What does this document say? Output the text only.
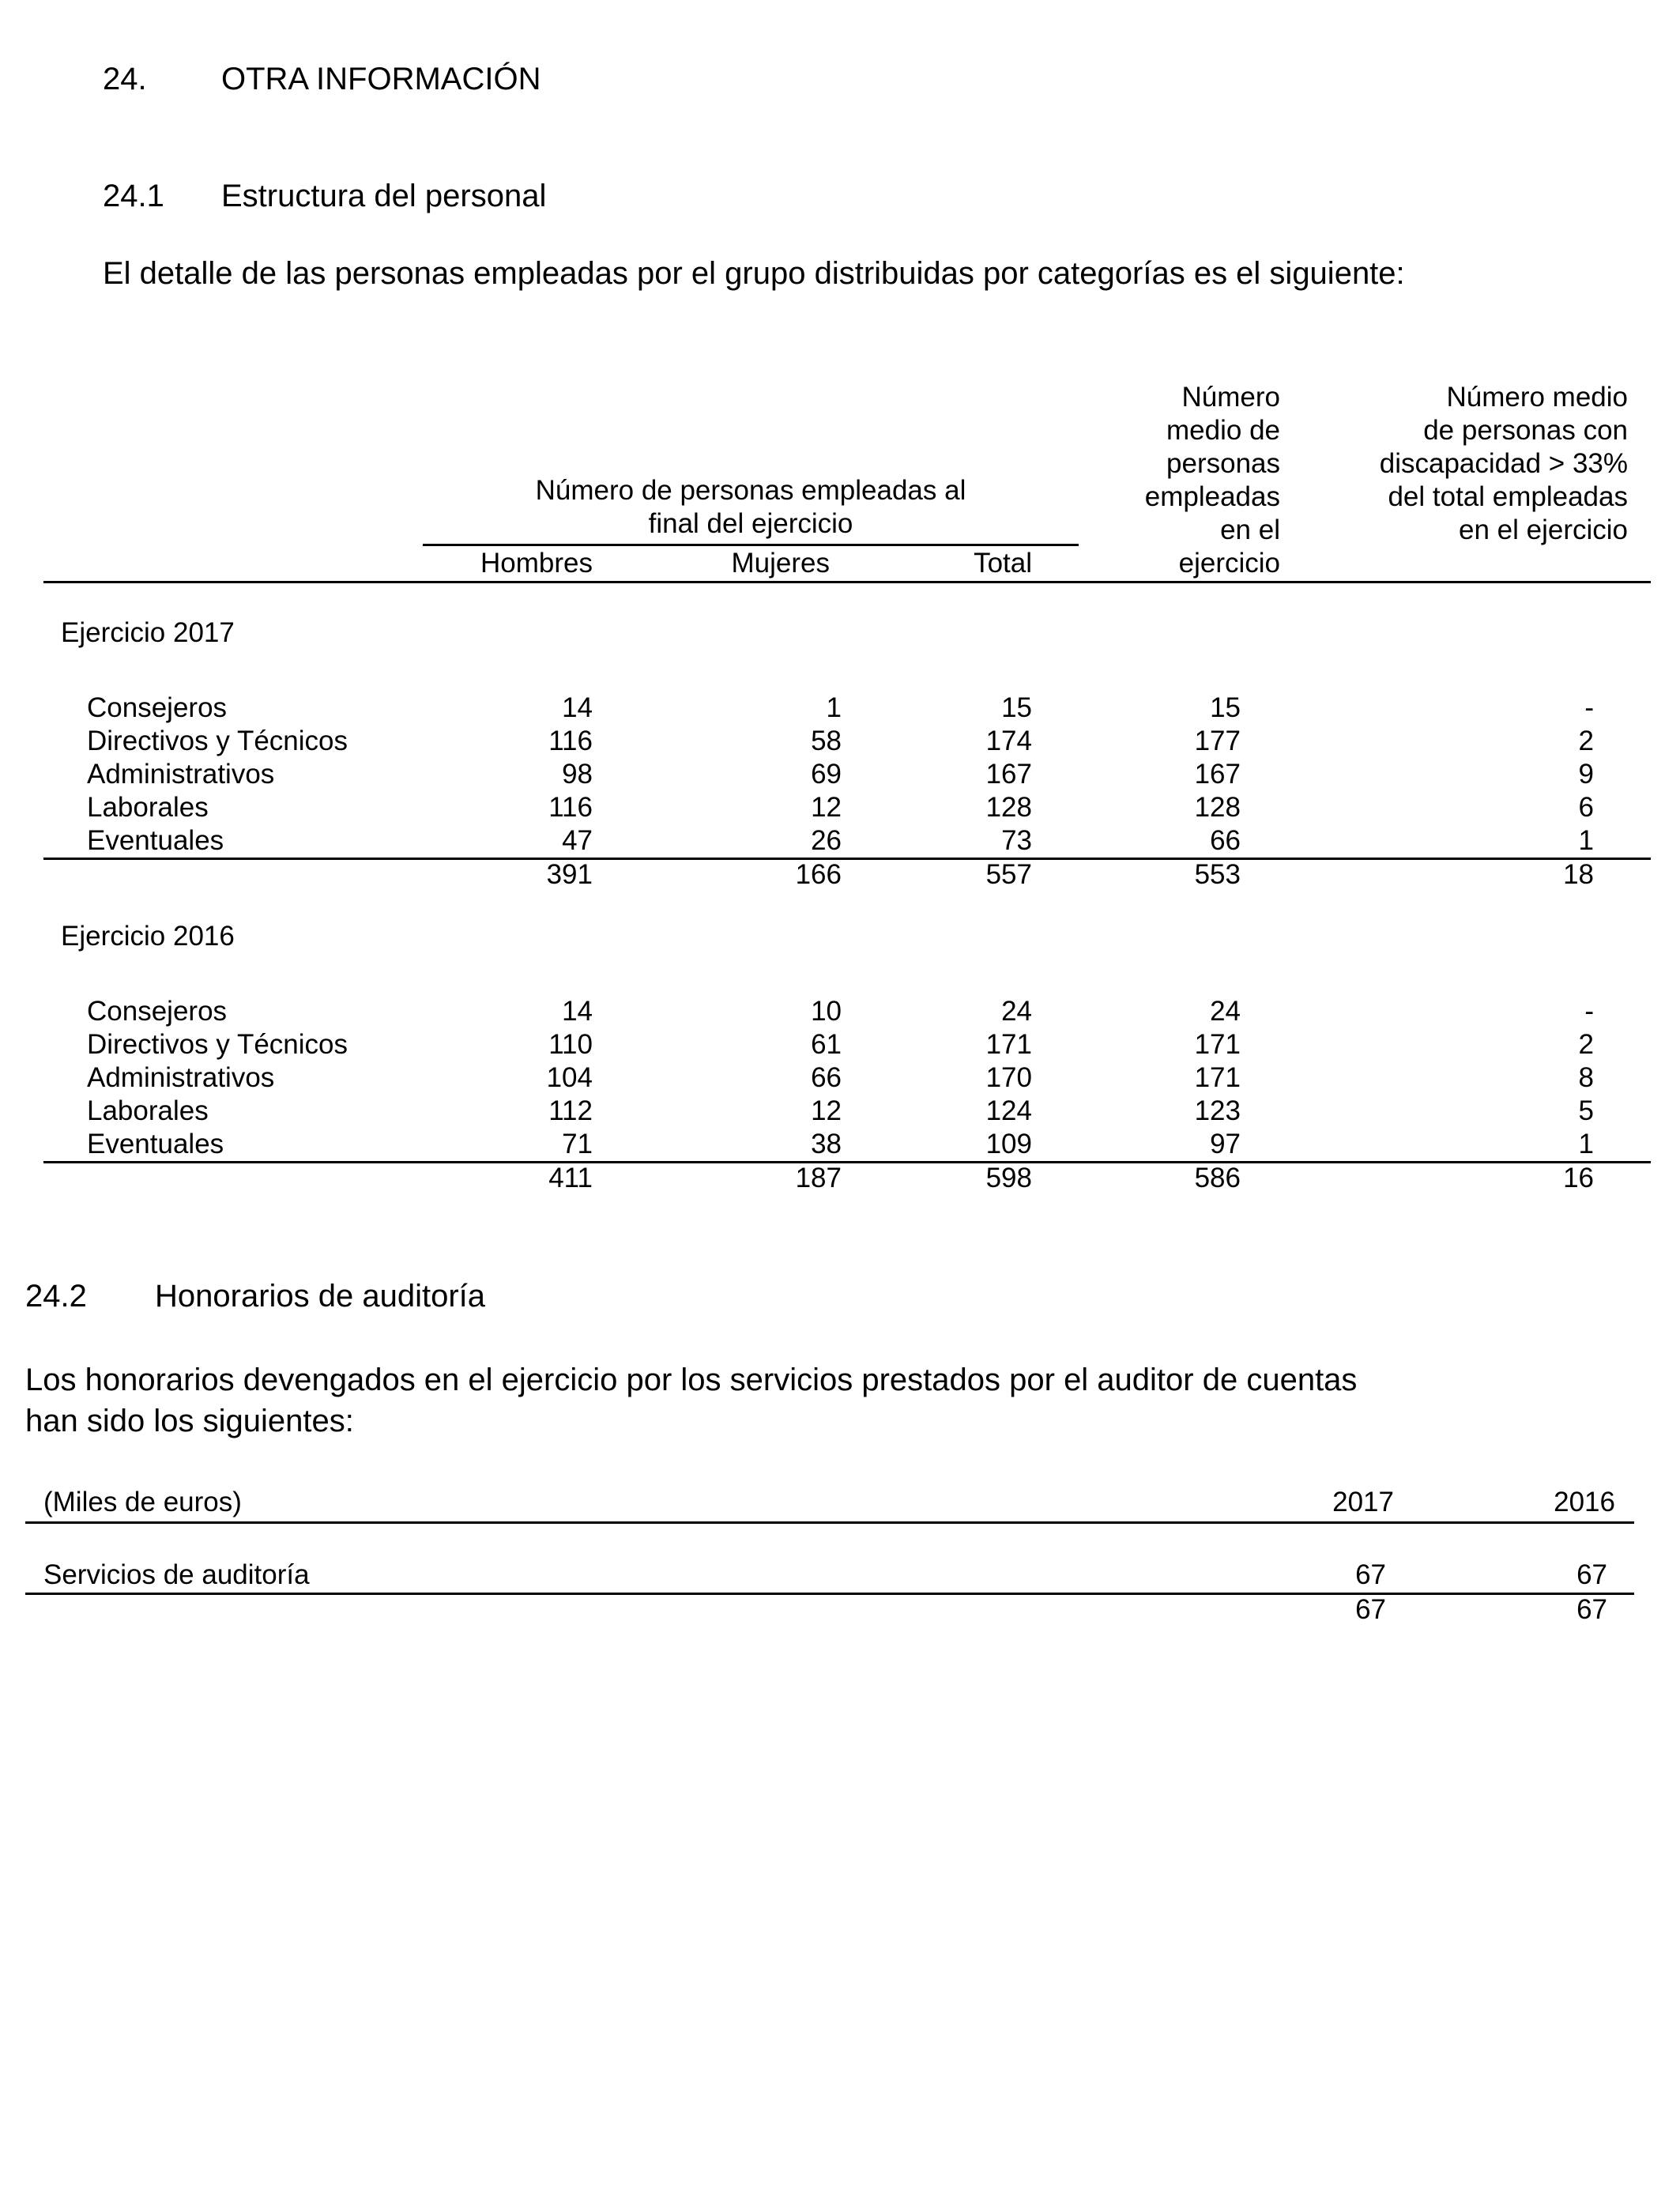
24. OTRA INFORMACIÓN
24.1 Estructura del personal
El detalle de las personas empleadas por el grupo distribuidas por categorías es el siguiente:
Número de personas empleadas al
final del ejercicio
Hombres	Mujeres	Total
Número
medio de
personas
empleadas
en el
ejercicio
Número medio
de personas con
discapacidad > 33%
del total empleadas
en el ejercicio
Ejercicio 2017
Consejeros	14	1	15	15	-
Directivos y Técnicos	116	58	174	177	2
Administrativos	98	69	167	167	9
Laborales	116	12	128	128	6
Eventuales	47	26	73	66	1
391	166	557	553	18
Ejercicio 2016
Consejeros	14	10	24	24	-
Directivos y Técnicos	110	61	171	171	2
Administrativos	104	66	170	171	8
Laborales	112	12	124	123	5
Eventuales	71	38	109	97	1
411	187	598	586	16
24.2 Honorarios de auditoría
Los honorarios devengados en el ejercicio por los servicios prestados por el auditor de cuentas
han sido los siguientes:
(Miles de euros)	2017	2016
Servicios de auditoría	67	67
67	67
